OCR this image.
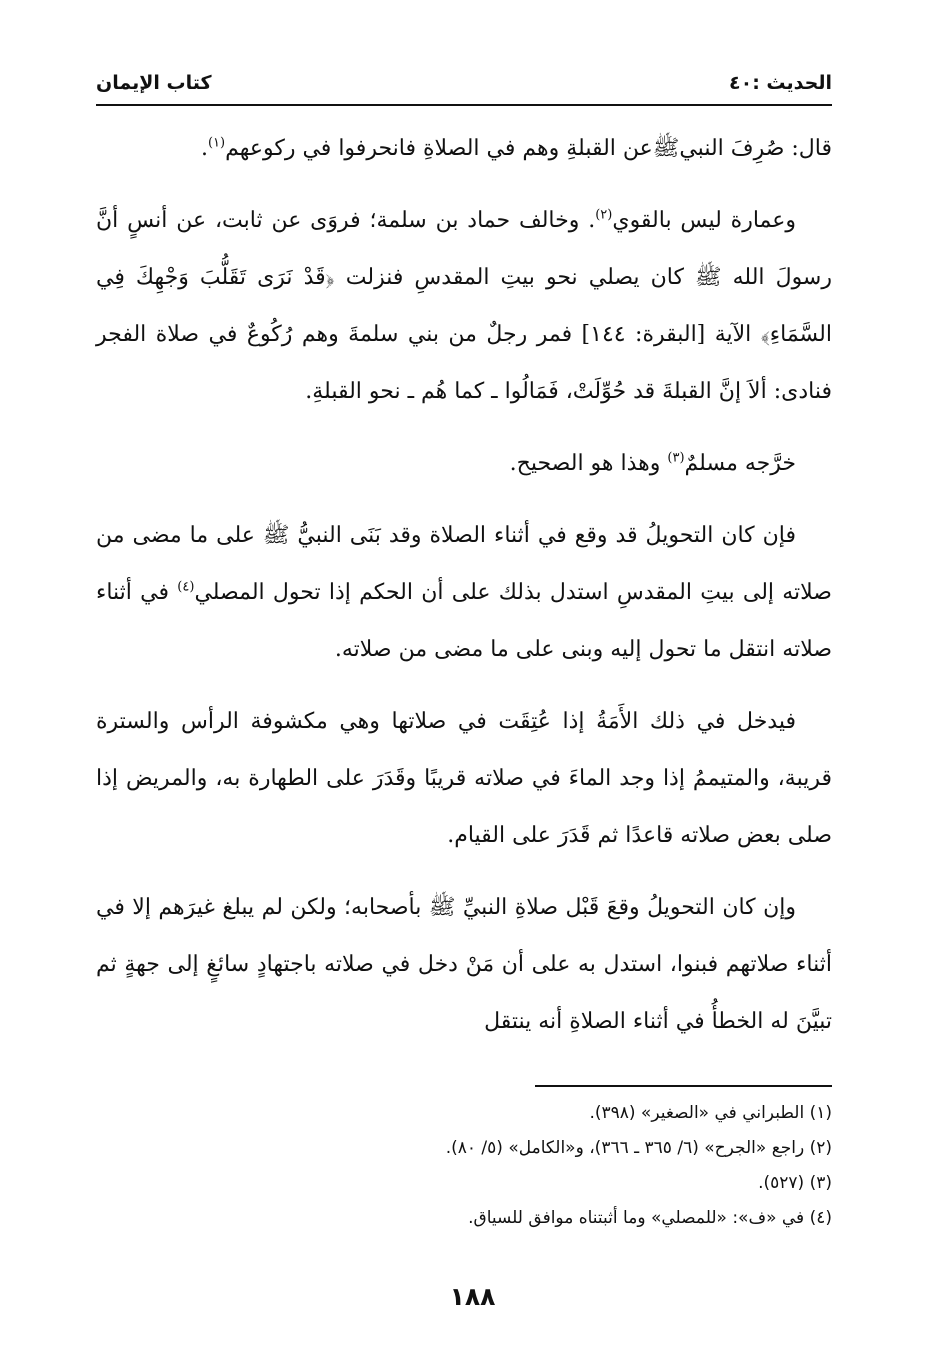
الحديث :٤٠
كتاب الإيمان

قال: صُرِفَ النبيﷺعن القبلةِ وهم في الصلاةِ فانحرفوا في ركوعهم$^{(١)}$.

وعمارة ليس بالقوي$^{(٢)}$. وخالف حماد بن سلمة؛ فروَى عن ثابت، عن أنسٍ أنَّ رسولَ الله ﷺ كان يصلي نحو بيتِ المقدسِ فنزلت ﴿قَدْ نَرَى تَقَلُّبَ وَجْهِكَ فِي السَّمَاءِ﴾ الآية [البقرة: ١٤٤] فمر رجلٌ من بني سلمةَ وهم رُكُوعٌ في صلاة الفجر فنادى: ألاَ إنَّ القبلةَ قد حُوِّلَتْ، فَمَالُوا ـ كما هُم ـ نحو القبلةِ.

خرَّجه مسلمٌ$^{(٣)}$ وهذا هو الصحيح.

فإن كان التحويلُ قد وقع في أثناء الصلاة وقد بَنَى النبيُّ ﷺ على ما مضى من صلاته إلى بيتِ المقدسِ استدل بذلك على أن الحكم إذا تحول المصلي$^{(٤)}$ في أثناء صلاته انتقل ما تحول إليه وبنى على ما مضى من صلاته.

فيدخل في ذلك الأَمَةُ إذا عُتِقَت في صلاتها وهي مكشوفة الرأس والسترة قريبة، والمتيممُ إذا وجد الماءَ في صلاته قريبًا وقَدَرَ على الطهارة به، والمريض إذا صلى بعض صلاته قاعدًا ثم قَدَرَ على القيام.

وإن كان التحويلُ وقعَ قَبْل صلاةِ النبيِّ ﷺ بأصحابه؛ ولكن لم يبلغ غيرَهم إلا في أثناء صلاتهم فبنوا، استدل به على أن مَنْ دخل في صلاته باجتهادٍ سائغٍ إلى جهةٍ ثم تبيَّنَ له الخطأُ في أثناء الصلاةِ أنه ينتقل

(١) الطبراني في «الصغير» (٣٩٨).
(٢) راجع «الجرح» (٦/ ٣٦٥ ـ ٣٦٦)، و«الكامل» (٥/ ٨٠).
(٣) (٥٢٧).
(٤) في «ف»: «للمصلي» وما أثبتناه موافق للسياق.
١٨٨
